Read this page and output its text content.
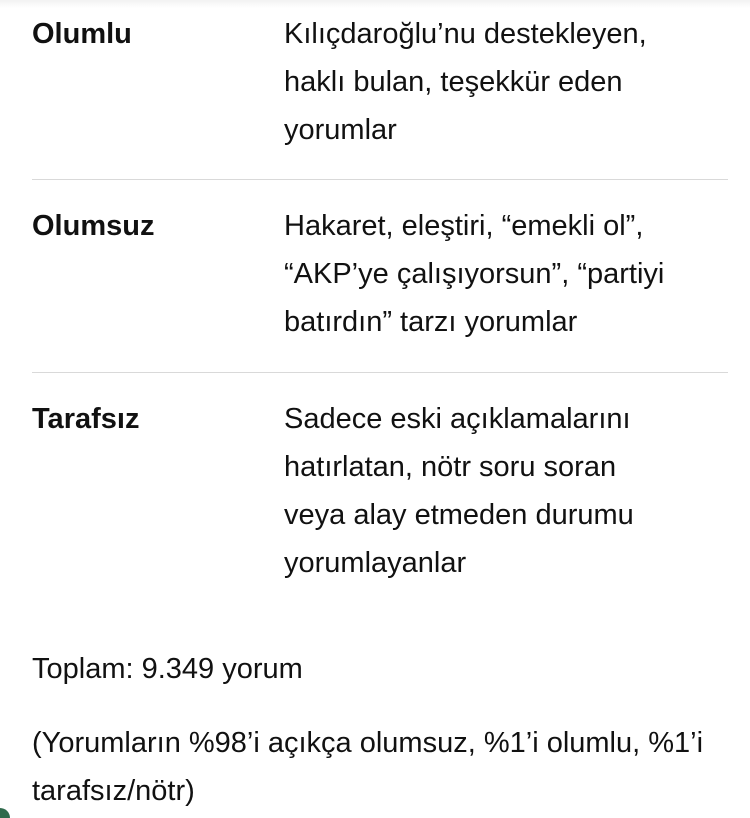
Olumlu	Kılıçdaroğlu’nu destekleyen,
haklı bulan, teşekkür eden
yorumlar
Olumsuz	Hakaret, eleştiri, “emekli ol”,
“AKP’ye çalışıyorsun”, “partiyi
batırdın” tarzı yorumlar
Tarafsız	Sadece eski açıklamalarını
hatırlatan, nötr soru soran
veya alay etmeden durumu
yorumlayanlar
Toplam: 9.349 yorum
(Yorumların %98’i açıkça olumsuz, %1’i olumlu, %1’i tarafsız/nötr)
